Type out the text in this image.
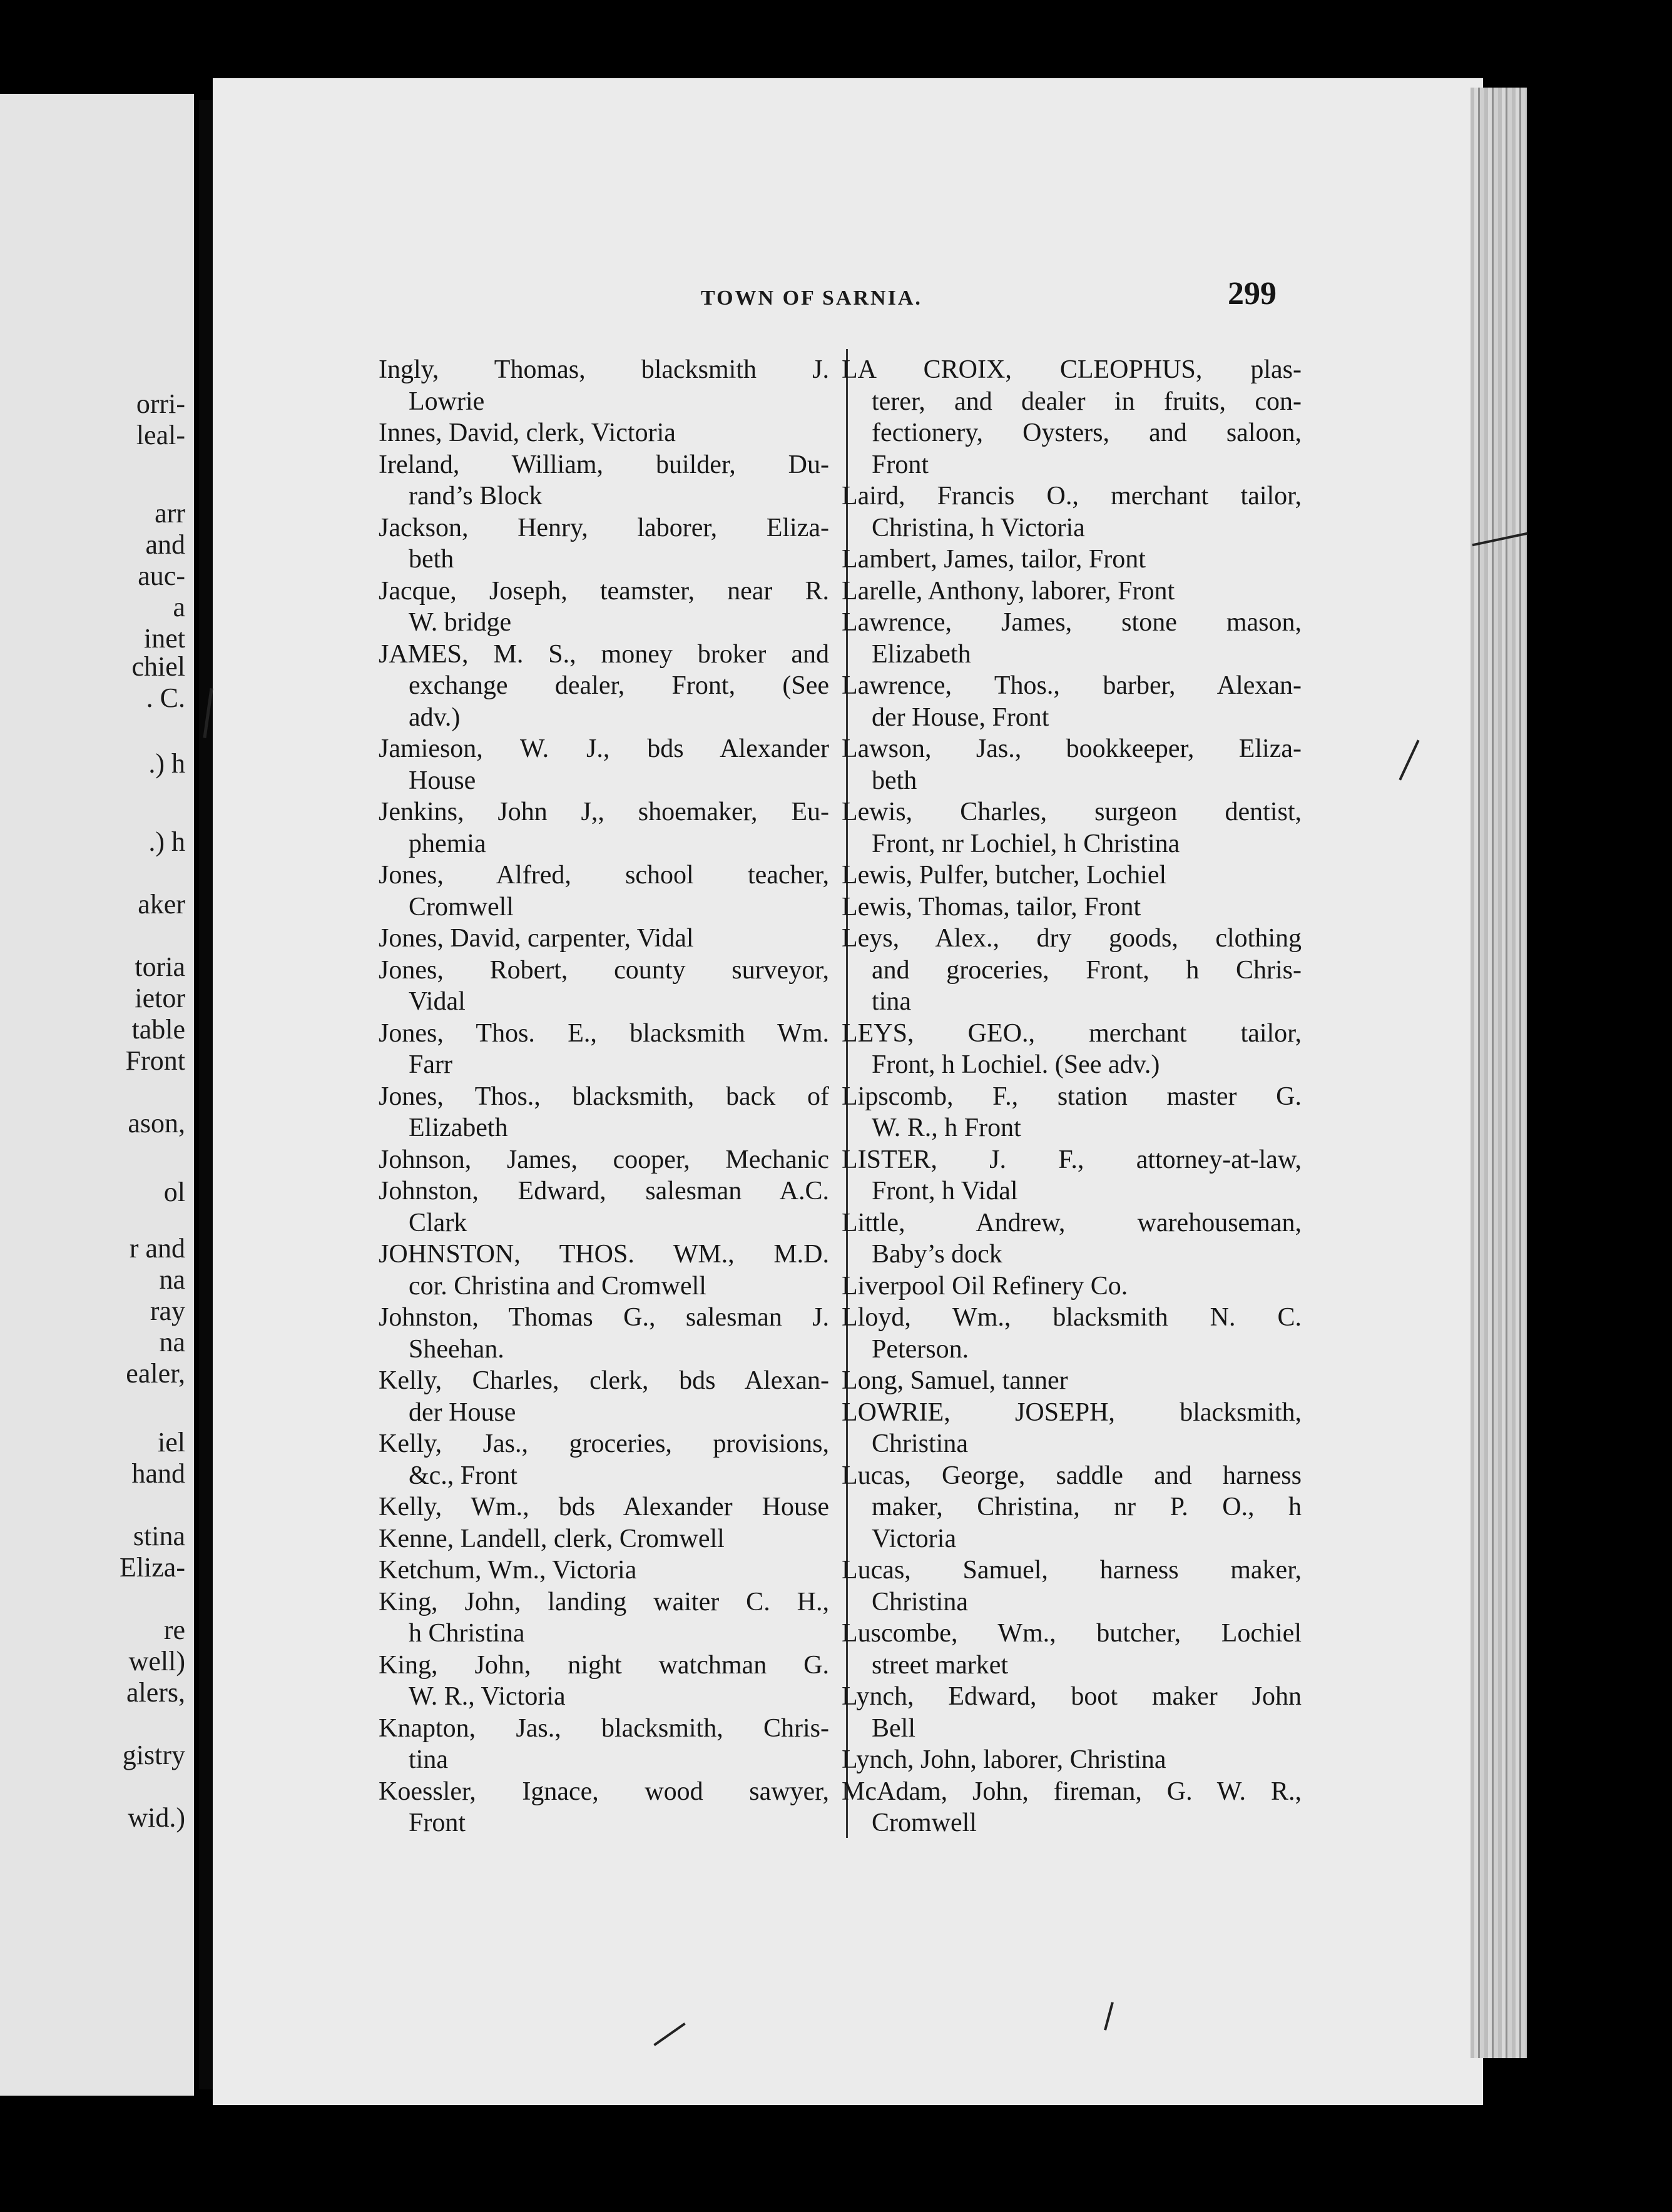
orri-
leal-
arr
and
auc-
a
inet
chiel
. C.
.) h
.) h
aker
toria
ietor
table
Front
ason,
ol
r and
na
ray
na
ealer,
iel
hand
stina
Eliza-
re
well)
alers,
gistry
wid.)
TOWN OF SARNIA.	299
Ingly, Thomas, blacksmith J.
Lowrie
Innes, David, clerk, Victoria
Ireland, William, builder, Du-
rand’s Block
Jackson, Henry, laborer, Eliza-
beth
Jacque, Joseph, teamster, near R.
W. bridge
JAMES, M. S., money broker and
exchange dealer, Front, (See
adv.)
Jamieson, W. J., bds Alexander
House
Jenkins, John J,, shoemaker, Eu-
phemia
Jones, Alfred, school teacher,
Cromwell
Jones, David, carpenter, Vidal
Jones, Robert, county surveyor,
Vidal
Jones, Thos. E., blacksmith Wm.
Farr
Jones, Thos., blacksmith, back of
Elizabeth
Johnson, James, cooper, Mechanic
Johnston, Edward, salesman A.C.
Clark
JOHNSTON, THOS. WM., M.D.
cor. Christina and Cromwell
Johnston, Thomas G., salesman J.
Sheehan.
Kelly, Charles, clerk, bds Alexan-
der House
Kelly, Jas., groceries, provisions,
&c., Front
Kelly, Wm., bds Alexander House
Kenne, Landell, clerk, Cromwell
Ketchum, Wm., Victoria
King, John, landing waiter C. H.,
h Christina
King, John, night watchman G.
W. R., Victoria
Knapton, Jas., blacksmith, Chris-
tina
Koessler, Ignace, wood sawyer,
Front
LA CROIX, CLEOPHUS, plas-
terer, and dealer in fruits, con-
fectionery, Oysters, and saloon,
Front
Laird, Francis O., merchant tailor,
Christina, h Victoria
Lambert, James, tailor, Front
Larelle, Anthony, laborer, Front
Lawrence, James, stone mason,
Elizabeth
Lawrence, Thos., barber, Alexan-
der House, Front
Lawson, Jas., bookkeeper, Eliza-
beth
Lewis, Charles, surgeon dentist,
Front, nr Lochiel, h Christina
Lewis, Pulfer, butcher, Lochiel
Lewis, Thomas, tailor, Front
Leys, Alex., dry goods, clothing
and groceries, Front, h Chris-
tina
LEYS, GEO., merchant tailor,
Front, h Lochiel. (See adv.)
Lipscomb, F., station master G.
W. R., h Front
LISTER, J. F., attorney-at-law,
Front, h Vidal
Little, Andrew, warehouseman,
Baby’s dock
Liverpool Oil Refinery Co.
Lloyd, Wm., blacksmith N. C.
Peterson.
Long, Samuel, tanner
LOWRIE, JOSEPH, blacksmith,
Christina
Lucas, George, saddle and harness
maker, Christina, nr P. O., h
Victoria
Lucas, Samuel, harness maker,
Christina
Luscombe, Wm., butcher, Lochiel
street market
Lynch, Edward, boot maker John
Bell
Lynch, John, laborer, Christina
McAdam, John, fireman, G. W. R.,
Cromwell
